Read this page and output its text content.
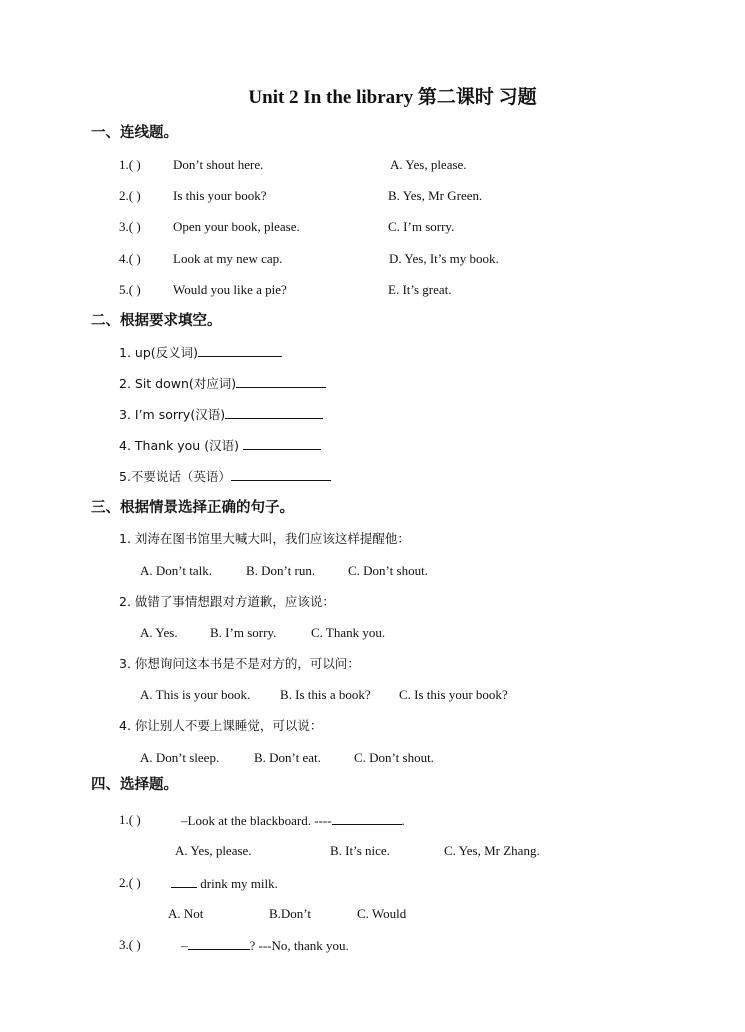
Unit 2 In the library 第二课时 习题
一、连线题。
1.( ) Don’t shout here.	A. Yes, please.
2.( ) Is this your book?	B. Yes, Mr Green.
3.( ) Open your book, please.	C. I’m sorry.
4.( ) Look at my new cap.	D. Yes, It’s my book.
5.( ) Would you like a pie?	E. It’s great.
二、根据要求填空。
1. up(反义词)
2. Sit down(对应词)
3. I’m sorry(汉语)
4. Thank you (汉语)
5.不要说话（英语）
三、根据情景选择正确的句子。
1. 刘涛在图书馆里大喊大叫，我们应该这样提醒他：
A. Don’t talk.	B. Don’t run.	C. Don’t shout.
2. 做错了事情想跟对方道歉，应该说：
A. Yes. B. I’m sorry.	C. Thank you.
3. 你想询问这本书是不是对方的，可以问：
A. This is your book. B. Is this a book? C. Is this your book?
4. 你让别人不要上课睡觉，可以说：
A. Don’t sleep.	B. Don’t eat.	C. Don’t shout.
四、选择题。
1.( )	–Look at the blackboard. ----	.
A. Yes, please.	B. It’s nice.	C. Yes, Mr Zhang.
2.( )	drink my milk.
A. Not	B.Don’t	C. Would
3.( )	–	? ---No, thank you.
